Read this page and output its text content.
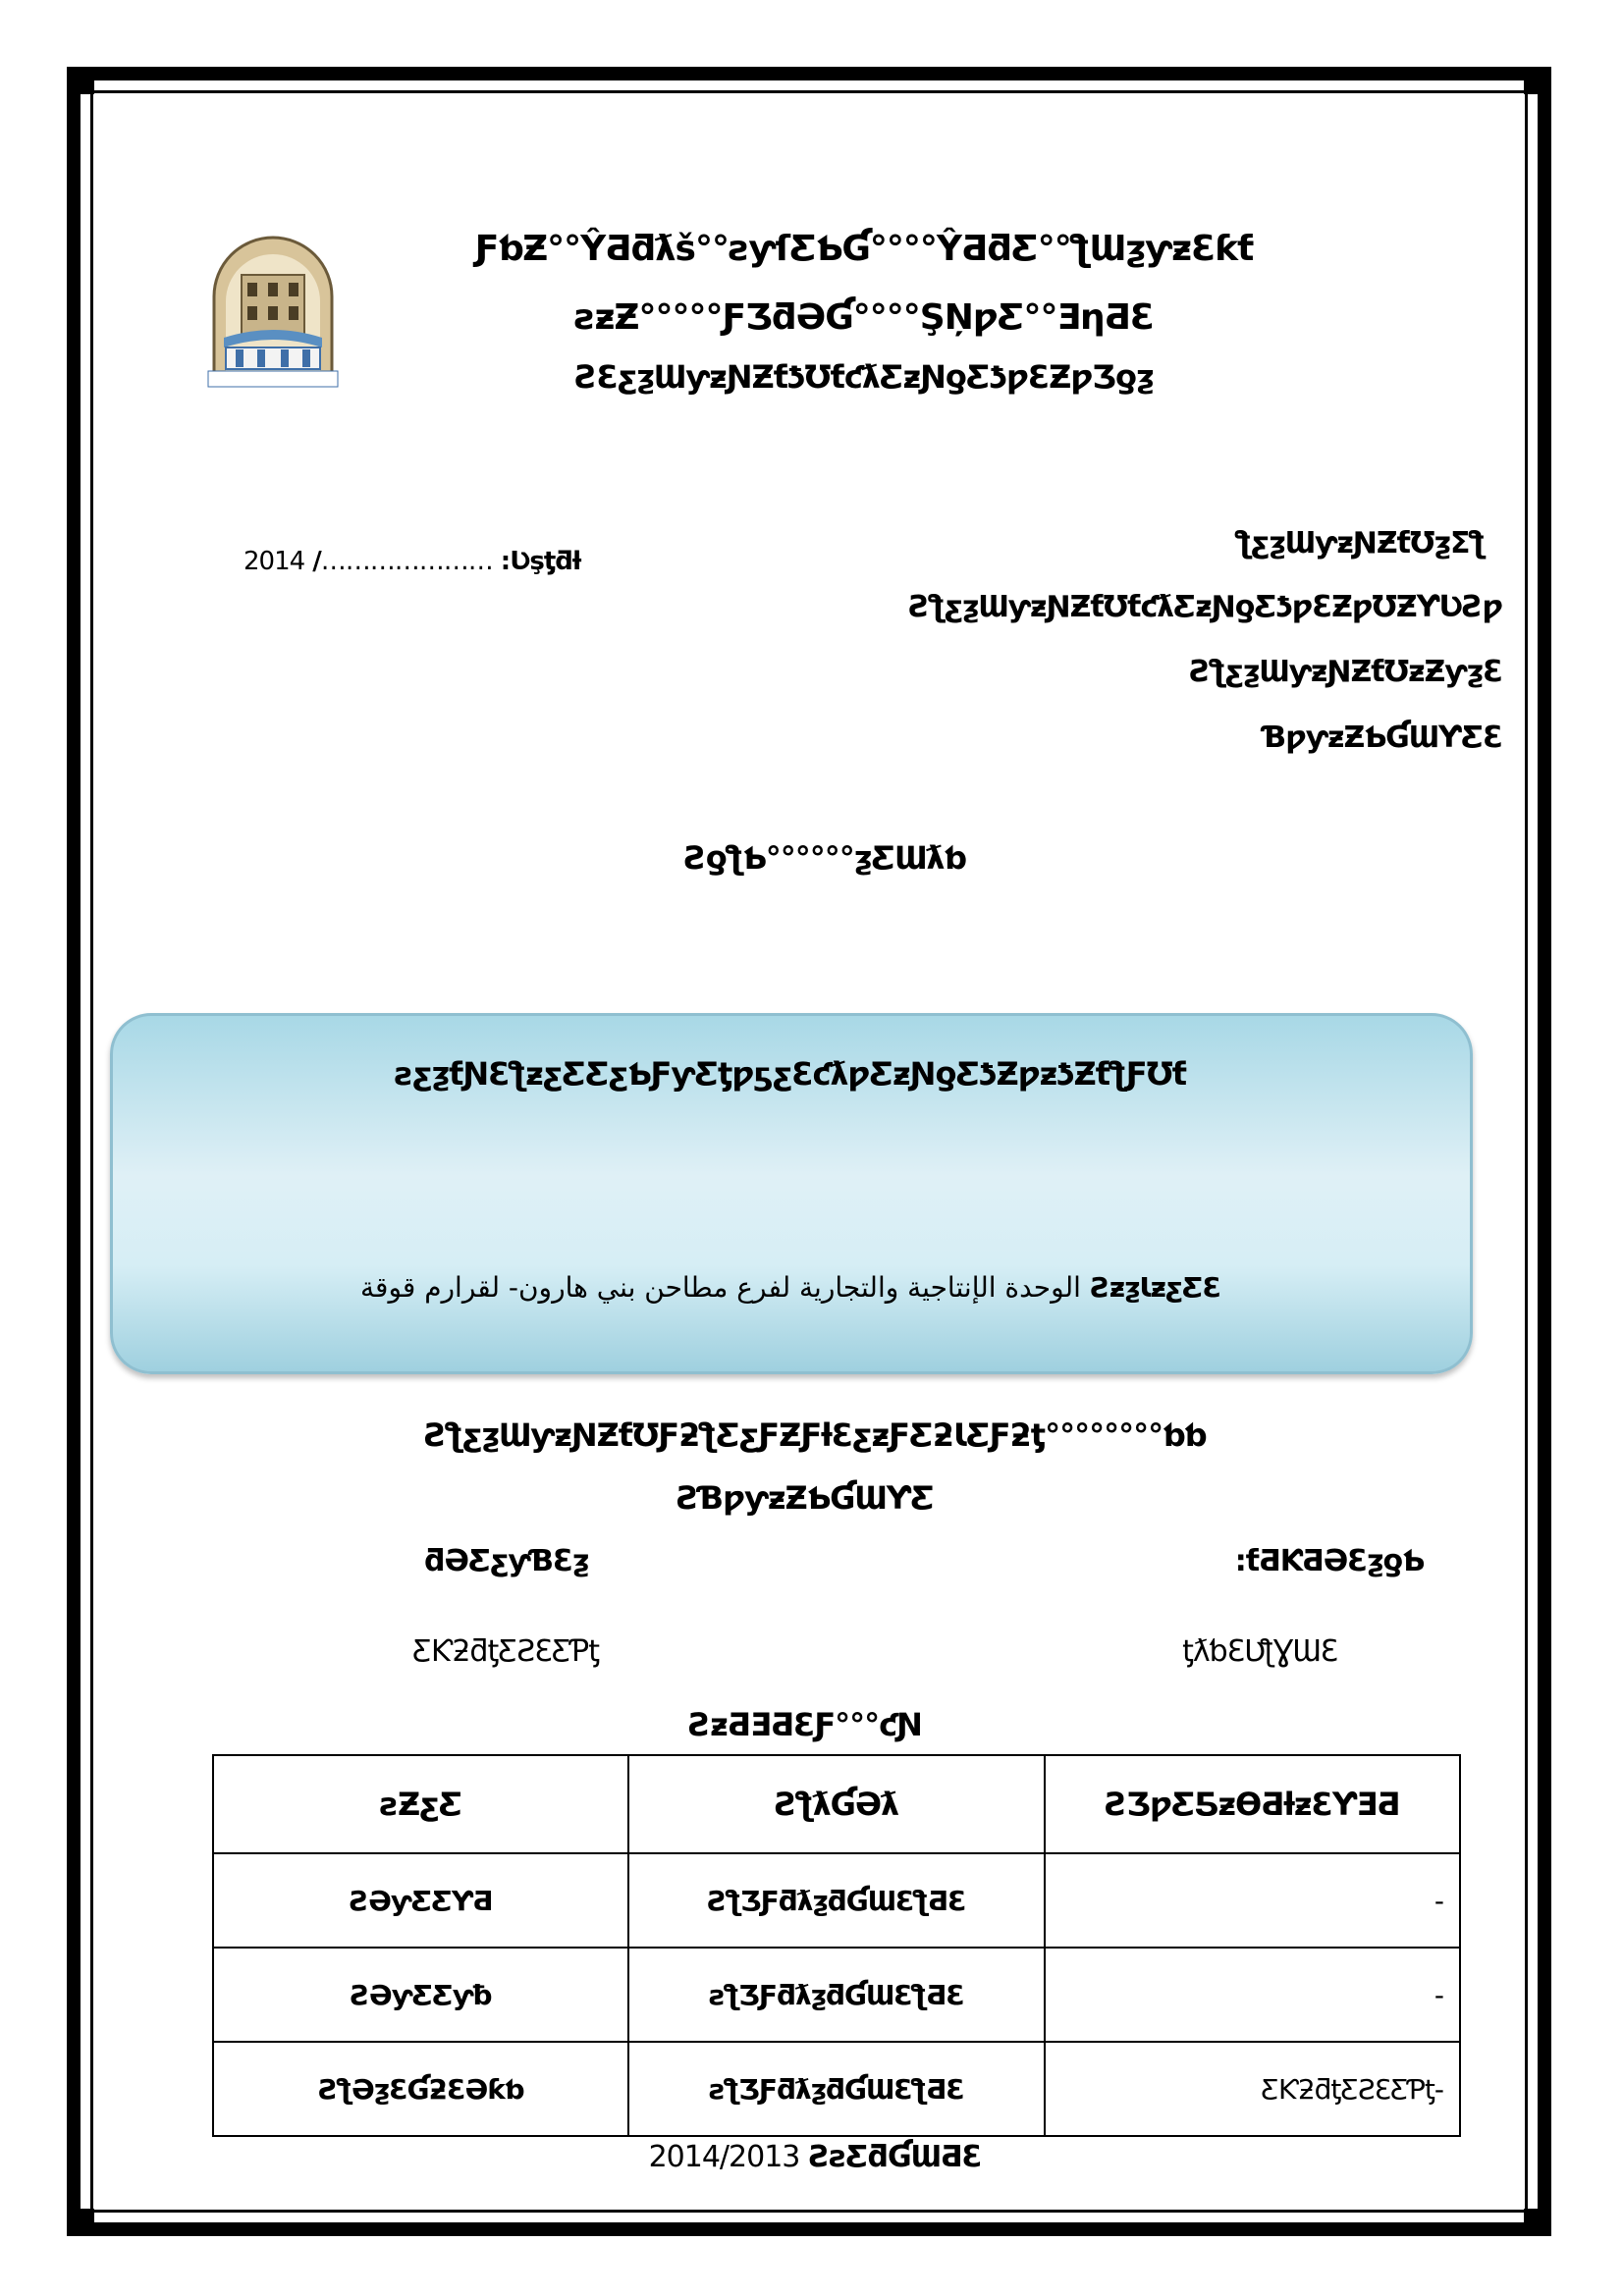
ƑƅƵ°°ŶƋƌƛš°°ƨƴſƸƄƓ°°°°ŶƋƌƸ°°ƪƜƺƴƶƐƙƭ
ƨƶƵ°°°°°ƑƷƌƏƓ°°°°ŞŅƿƸ°°ƎƞƋƐ
ƧƐƹƺƜƴƶƝƵƭƾƱƭƈƛƸƶƝƍƸƾƿƐƵƿƷƍƺ
2014 /………………… :Ʋşƫƌƚ
ƪƹƺƜƴƶƝƵƭƱƺƩƪ
ƧƪƹƺƜƴƶƝƵƭƱƭƈƛƸƶƝƍƸƾƿƐƵƿƱƵƳƲƧƿ
ƧƪƹƺƜƴƶƝƵƭƱƶƵƴƺƐ
ƁƿƴƶƵƄƓƜƳƸƐ
ƧƍƪƄ°°°°°°ƺƸƜƛƅ
ƨƹƺƭƝƐƪƶƹƸƸƹƄƑƴƸƫƿƽƹƐƈƛƿƸƶƝƍƸƾƵƿƶƾƵƭƪƑƱƭ
الوحدة الإنتاجية والتجارية لفرع مطاحن بني هارون- لقرارم قوقة ƧƶƺƖƶƹƸƐ
ƧƪƹƺƜƴƶƝƵƭƱƑƻƪƸƹƑƵƑƚƐƹƶƑƸƻƖƸƑƻƫ°°°°°°°°ƅƅ
ƧƁƿƴƶƵƄƓƜƳƸ
ƌƏƸƹƴƁƐƺ	:ƭƋƘƋƏƐƺƍƄ
ƸƘƻƌƫƸƧƐƸƤƫ	ƫƛƅƐƲƪƔƜƐ
ƧƶƋƎƋƐƑ°°°ƈƝ
ƨƵƹƸ	ƧƪƛƓƏƛ	ƧƷƿƸƼƶƟƋƚƶƐƳƎƋ
ƧƏƴƸƸƳƋ	ƧƪƷƑƌƛƺƌƓƜƐƪƋƐ	-
ƧƏƴƸƸƴƀ	ƨƪƷƑƌƛƺƌƓƜƐƪƋƐ	-
ƧƪƏƺƐƓƻƐƏƙƅ	ƨƪƷƑƌƛƺƌƓƜƐƪƋƐ	ƸƘƻƌƫƸƧƐƸƤƫ-
2014/2013 ƧƨƸƌƓƜƋƐ
